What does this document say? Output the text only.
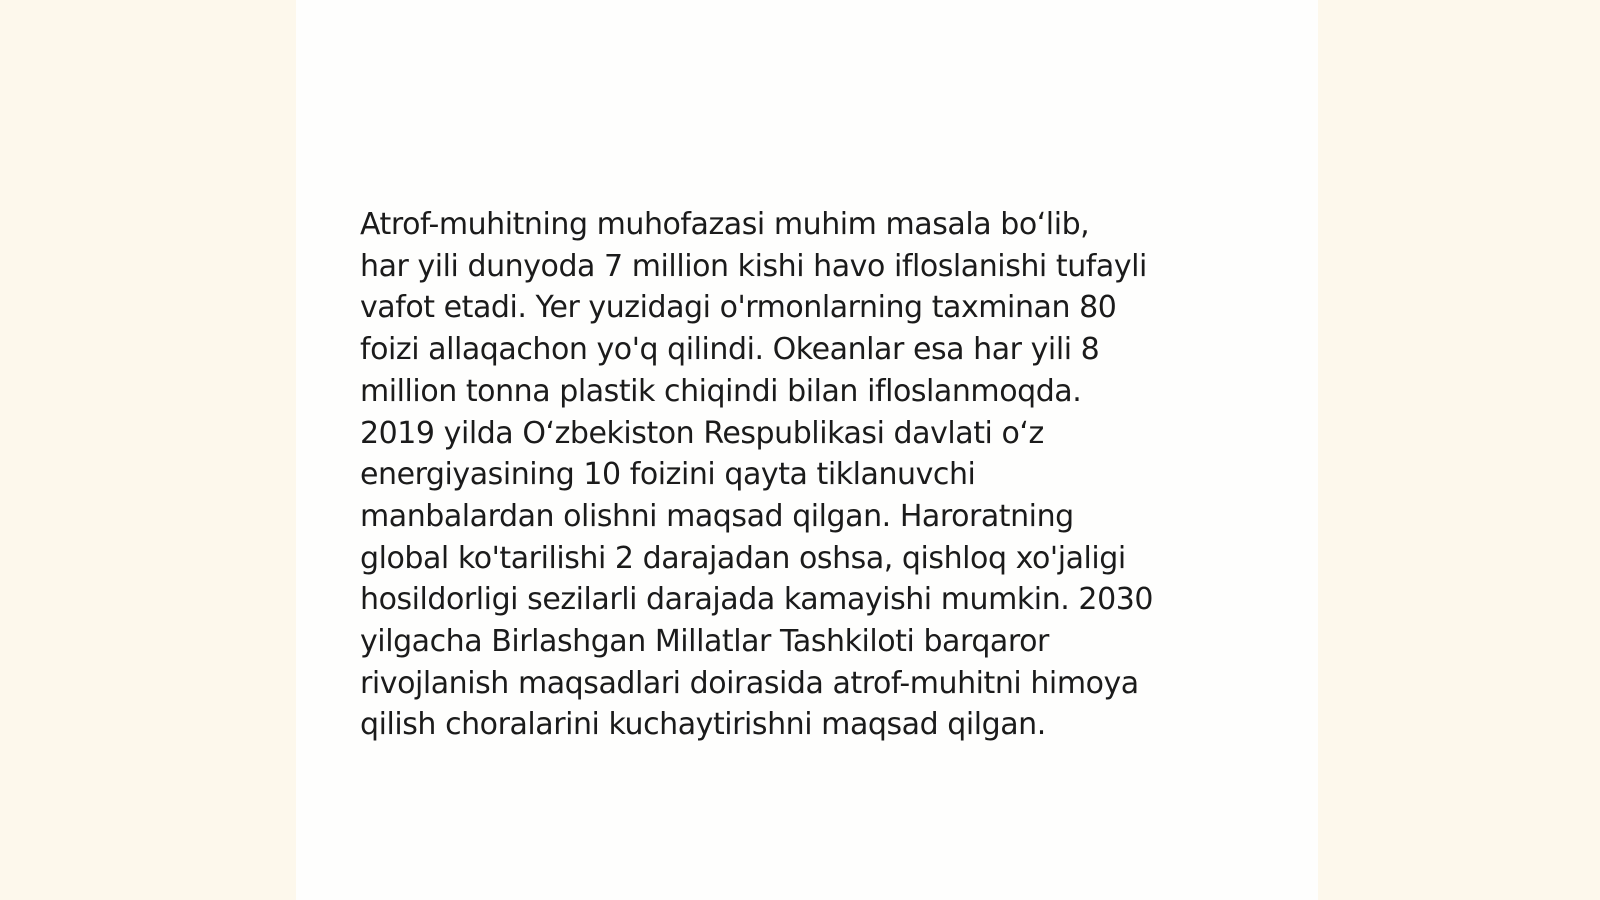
Atrof-muhitning muhofazasi muhim masala bo‘lib,
har yili dunyoda 7 million kishi havo ifloslanishi tufayli
vafot etadi. Yer yuzidagi o'rmonlarning taxminan 80
foizi allaqachon yo'q qilindi. Okeanlar esa har yili 8
million tonna plastik chiqindi bilan ifloslanmoqda.
2019 yilda O‘zbekiston Respublikasi davlati o‘z
energiyasining 10 foizini qayta tiklanuvchi
manbalardan olishni maqsad qilgan. Haroratning
global ko'tarilishi 2 darajadan oshsa, qishloq xo'jaligi
hosildorligi sezilarli darajada kamayishi mumkin. 2030
yilgacha Birlashgan Millatlar Tashkiloti barqaror
rivojlanish maqsadlari doirasida atrof-muhitni himoya
qilish choralarini kuchaytirishni maqsad qilgan.
